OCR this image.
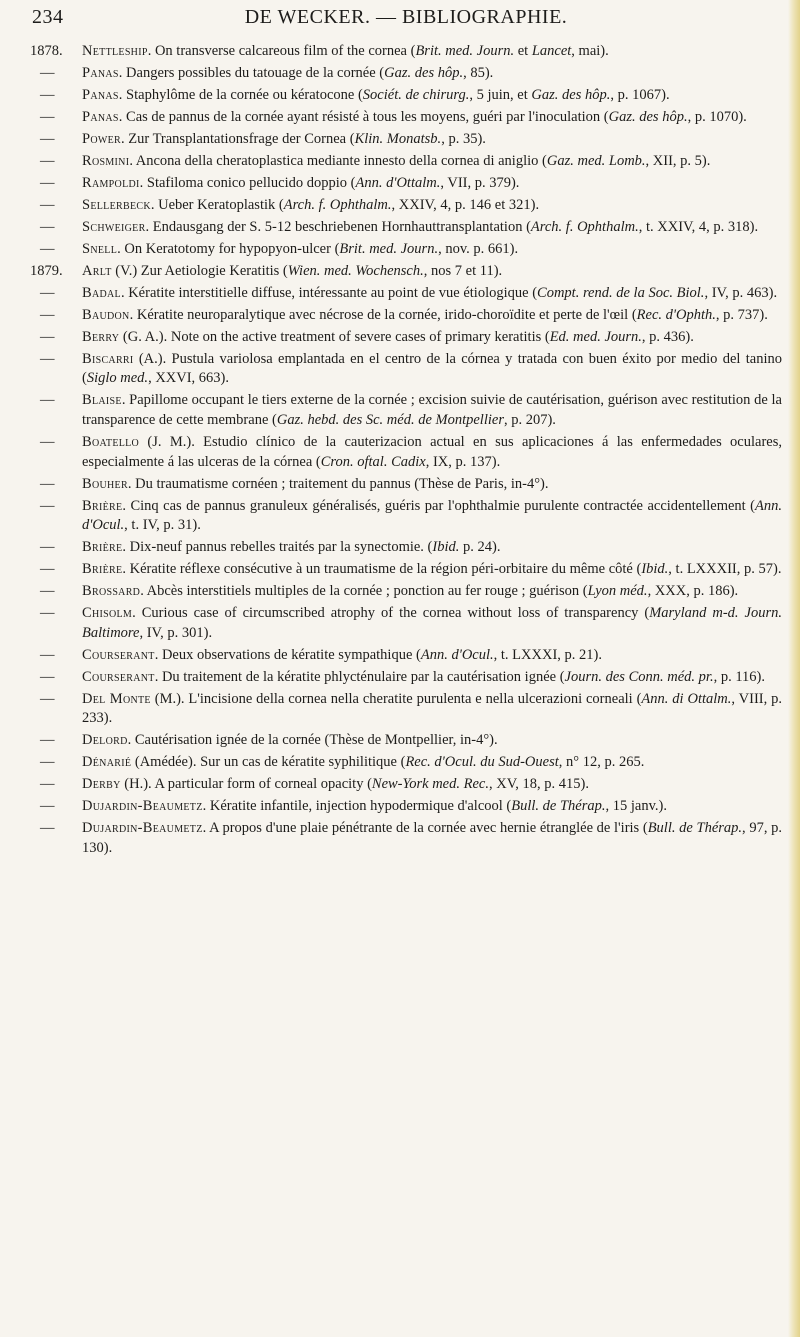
234	DE WECKER. — BIBLIOGRAPHIE.
1878. Nettleship. On transverse calcareous film of the cornea (Brit. med. Journ. et Lancet, mai).
— Panas. Dangers possibles du tatouage de la cornée (Gaz. des hôp., 85).
— Panas. Staphylôme de la cornée ou kératocone (Sociét. de chirurg., 5 juin, et Gaz. des hôp., p. 1067).
— Panas. Cas de pannus de la cornée ayant résisté à tous les moyens, guéri par l'inoculation (Gaz. des hôp., p. 1070).
— Power. Zur Transplantationsfrage der Cornea (Klin. Monatsb., p. 35).
— Rosmini. Ancona della cheratoplastica mediante innesto della cornea di aniglio (Gaz. med. Lomb., XII, p. 5).
— Rampoldi. Stafiloma conico pellucido doppio (Ann. d'Ottalm., VII, p. 379).
— Sellerbeck. Ueber Keratoplastik (Arch. f. Ophthalm., XXIV, 4, p. 146 et 321).
— Schweiger. Endausgang der S. 5-12 beschriebenen Hornhauttransplantation (Arch. f. Ophthalm., t. XXIV, 4, p. 318).
— Snell. On Keratotomy for hypopyon-ulcer (Brit. med. Journ., nov. p. 661).
1879. Arlt (V.) Zur Aetiologie Keratitis (Wien. med. Wochensch., nos 7 et 11).
— Badal. Kératite interstitielle diffuse, intéressante au point de vue étiologique (Compt. rend. de la Soc. Biol., IV, p. 463).
— Baudon. Kératite neuroparalytique avec nécrose de la cornée, irido-choroïdite et perte de l'œil (Rec. d'Ophth., p. 737).
— Berry (G. A.). Note on the active treatment of severe cases of primary keratitis (Ed. med. Journ., p. 436).
— Biscarri (A.). Pustula variolosa emplantada en el centro de la córnea y tratada con buen éxito por medio del tanino (Siglo med., XXVI, 663).
— Blaise. Papillome occupant le tiers externe de la cornée ; excision suivie de cautérisation, guérison avec restitution de la transparence de cette membrane (Gaz. hebd. des Sc. méd. de Montpellier, p. 207).
— Boatello (J. M.). Estudio clínico de la cauterizacion actual en sus aplicaciones á las enfermedades oculares, especialmente á las ulceras de la córnea (Cron. oftal. Cadix, IX, p. 137).
— Bouher. Du traumatisme cornéen ; traitement du pannus (Thèse de Paris, in-4°).
— Brière. Cinq cas de pannus granuleux généralisés, guéris par l'ophthalmie purulente contractée accidentellement (Ann. d'Ocul., t. IV, p. 31).
— Brière. Dix-neuf pannus rebelles traités par la synectomie. (Ibid. p. 24).
— Brière. Kératite réflexe consécutive à un traumatisme de la région péri-orbitaire du même côté (Ibid., t. LXXXII, p. 57).
— Brossard. Abcès interstitiels multiples de la cornée ; ponction au fer rouge ; guérison (Lyon méd., XXX, p. 186).
— Chisolm. Curious case of circumscribed atrophy of the cornea without loss of transparency (Maryland m-d. Journ. Baltimore, IV, p. 301).
— Courserant. Deux observations de kératite sympathique (Ann. d'Ocul., t. LXXXI, p. 21).
— Courserant. Du traitement de la kératite phlycténulaire par la cautérisation ignée (Journ. des Conn. méd. pr., p. 116).
— Del Monte (M.). L'incisione della cornea nella cheratite purulenta e nella ulcerazioni corneali (Ann. di Ottalm., VIII, p. 233).
— Delord. Cautérisation ignée de la cornée (Thèse de Montpellier, in-4°).
— Dénarié (Amédée). Sur un cas de kératite syphilitique (Rec. d'Ocul. du Sud-Ouest, n° 12, p. 265.
— Derby (H.). A particular form of corneal opacity (New-York med. Rec., XV, 18, p. 415).
— Dujardin-Beaumetz. Kératite infantile, injection hypodermique d'alcool (Bull. de Thérap., 15 janv.).
— Dujardin-Beaumetz. A propos d'une plaie pénétrante de la cornée avec hernie étranglée de l'iris (Bull. de Thérap., 97, p. 130).
